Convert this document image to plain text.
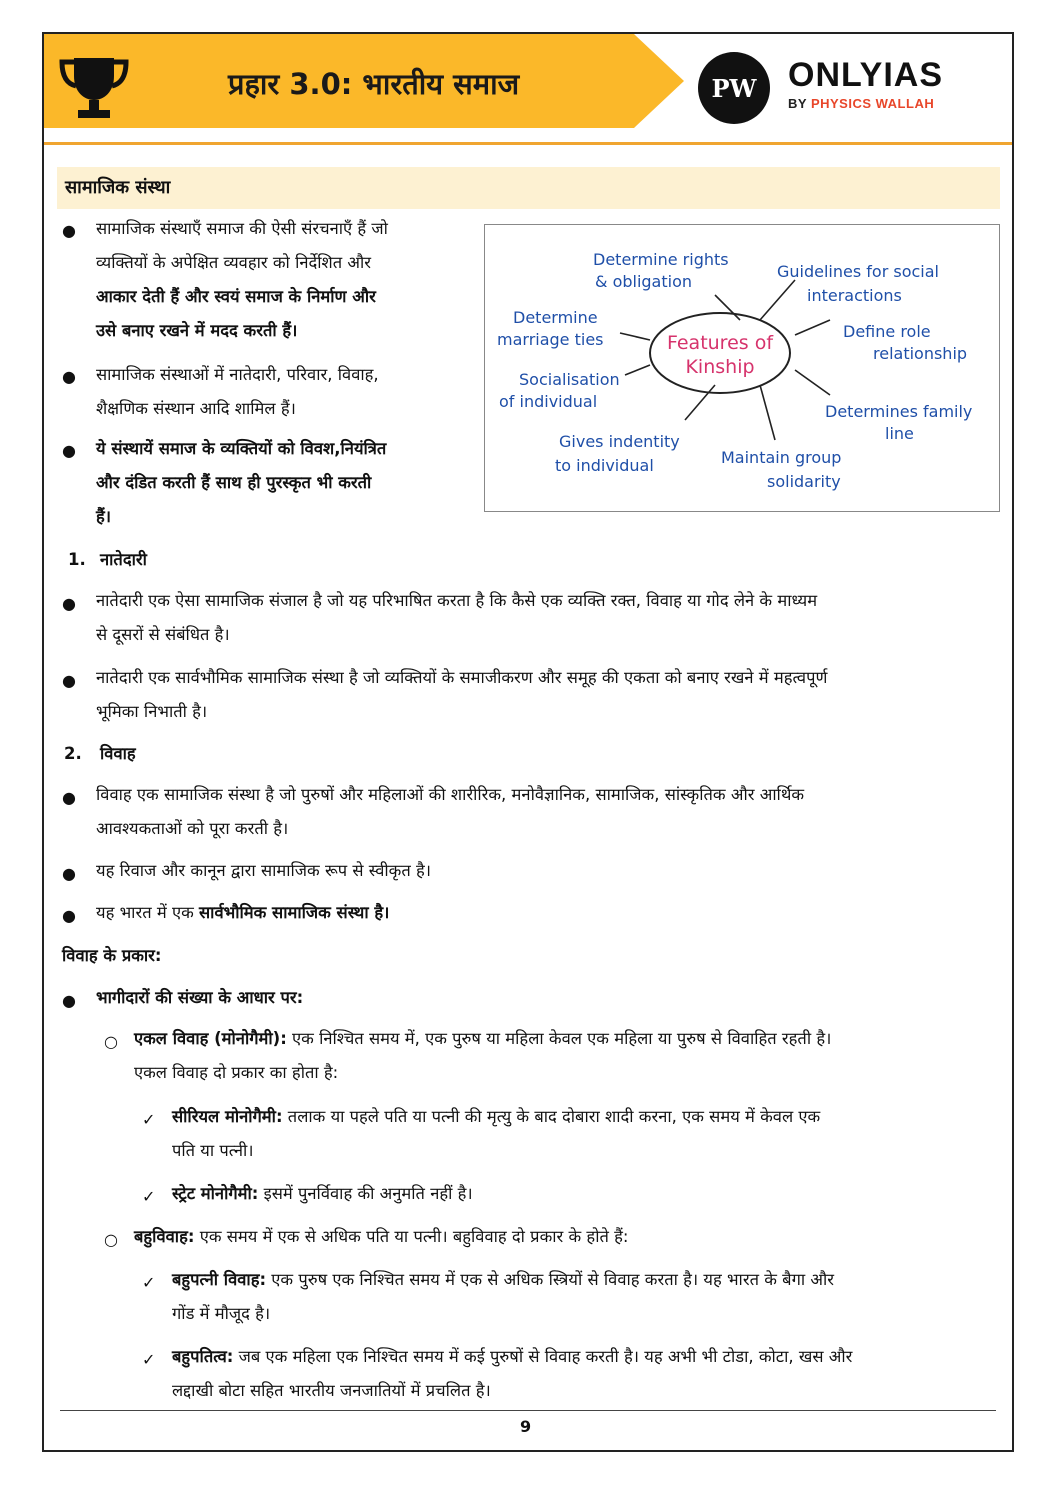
प्रहार 3.0: भारतीय समाज	PW ONLYIAS
BY PHYSICS WALLAH
सामाजिक संस्था
● सामाजिक संस्थाएँ समाज की ऐसी संरचनाएँ हैं जो
व्यक्तियों के अपेक्षित व्यवहार को निर्देशित और
आकार देती हैं और स्वयं समाज के निर्माण और
उसे बनाए रखने में मदद करती हैं।
● सामाजिक संस्थाओं में नातेदारी, परिवार, विवाह,
शैक्षणिक संस्थान आदि शामिल हैं।
● ये संस्थायें समाज के व्यक्तियों को विवश,नियंत्रित
और दंडित करती हैं साथ ही पुरस्कृत भी करती
हैं।
Features of
Kinship
Determine rights
& obligation
Guidelines for social
interactions
Define role
relationship
Determines family
line
Maintain group
solidarity
Gives indentity
to individual
Socialisation
of individual
Determine
marriage ties
1. नातेदारी
● नातेदारी एक ऐसा सामाजिक संजाल है जो यह परिभाषित करता है कि कैसे एक व्यक्ति रक्त, विवाह या गोद लेने के माध्यम
से दूसरों से संबंधित है।
● नातेदारी एक सार्वभौमिक सामाजिक संस्था है जो व्यक्तियों के समाजीकरण और समूह की एकता को बनाए रखने में महत्वपूर्ण
भूमिका निभाती है।
2. विवाह
● विवाह एक सामाजिक संस्था है जो पुरुषों और महिलाओं की शारीरिक, मनोवैज्ञानिक, सामाजिक, सांस्कृतिक और आर्थिक
आवश्यकताओं को पूरा करती है।
● यह रिवाज और कानून द्वारा सामाजिक रूप से स्वीकृत है।
● यह भारत में एक सार्वभौमिक सामाजिक संस्था है।
विवाह के प्रकार:
● भागीदारों की संख्या के आधार पर:
○ एकल विवाह (मोनोगैमी): एक निश्चित समय में, एक पुरुष या महिला केवल एक महिला या पुरुष से विवाहित रहती है।
एकल विवाह दो प्रकार का होता है:
✓ सीरियल मोनोगैमी: तलाक या पहले पति या पत्नी की मृत्यु के बाद दोबारा शादी करना, एक समय में केवल एक
पति या पत्नी।
✓ स्ट्रेट मोनोगैमी: इसमें पुनर्विवाह की अनुमति नहीं है।
○ बहुविवाह: एक समय में एक से अधिक पति या पत्नी। बहुविवाह दो प्रकार के होते हैं:
✓ बहुपत्नी विवाह: एक पुरुष एक निश्चित समय में एक से अधिक स्त्रियों से विवाह करता है। यह भारत के बैगा और
गोंड में मौजूद है।
✓ बहुपतित्व: जब एक महिला एक निश्चित समय में कई पुरुषों से विवाह करती है। यह अभी भी टोडा, कोटा, खस और
लद्दाखी बोटा सहित भारतीय जनजातियों में प्रचलित है।
9
